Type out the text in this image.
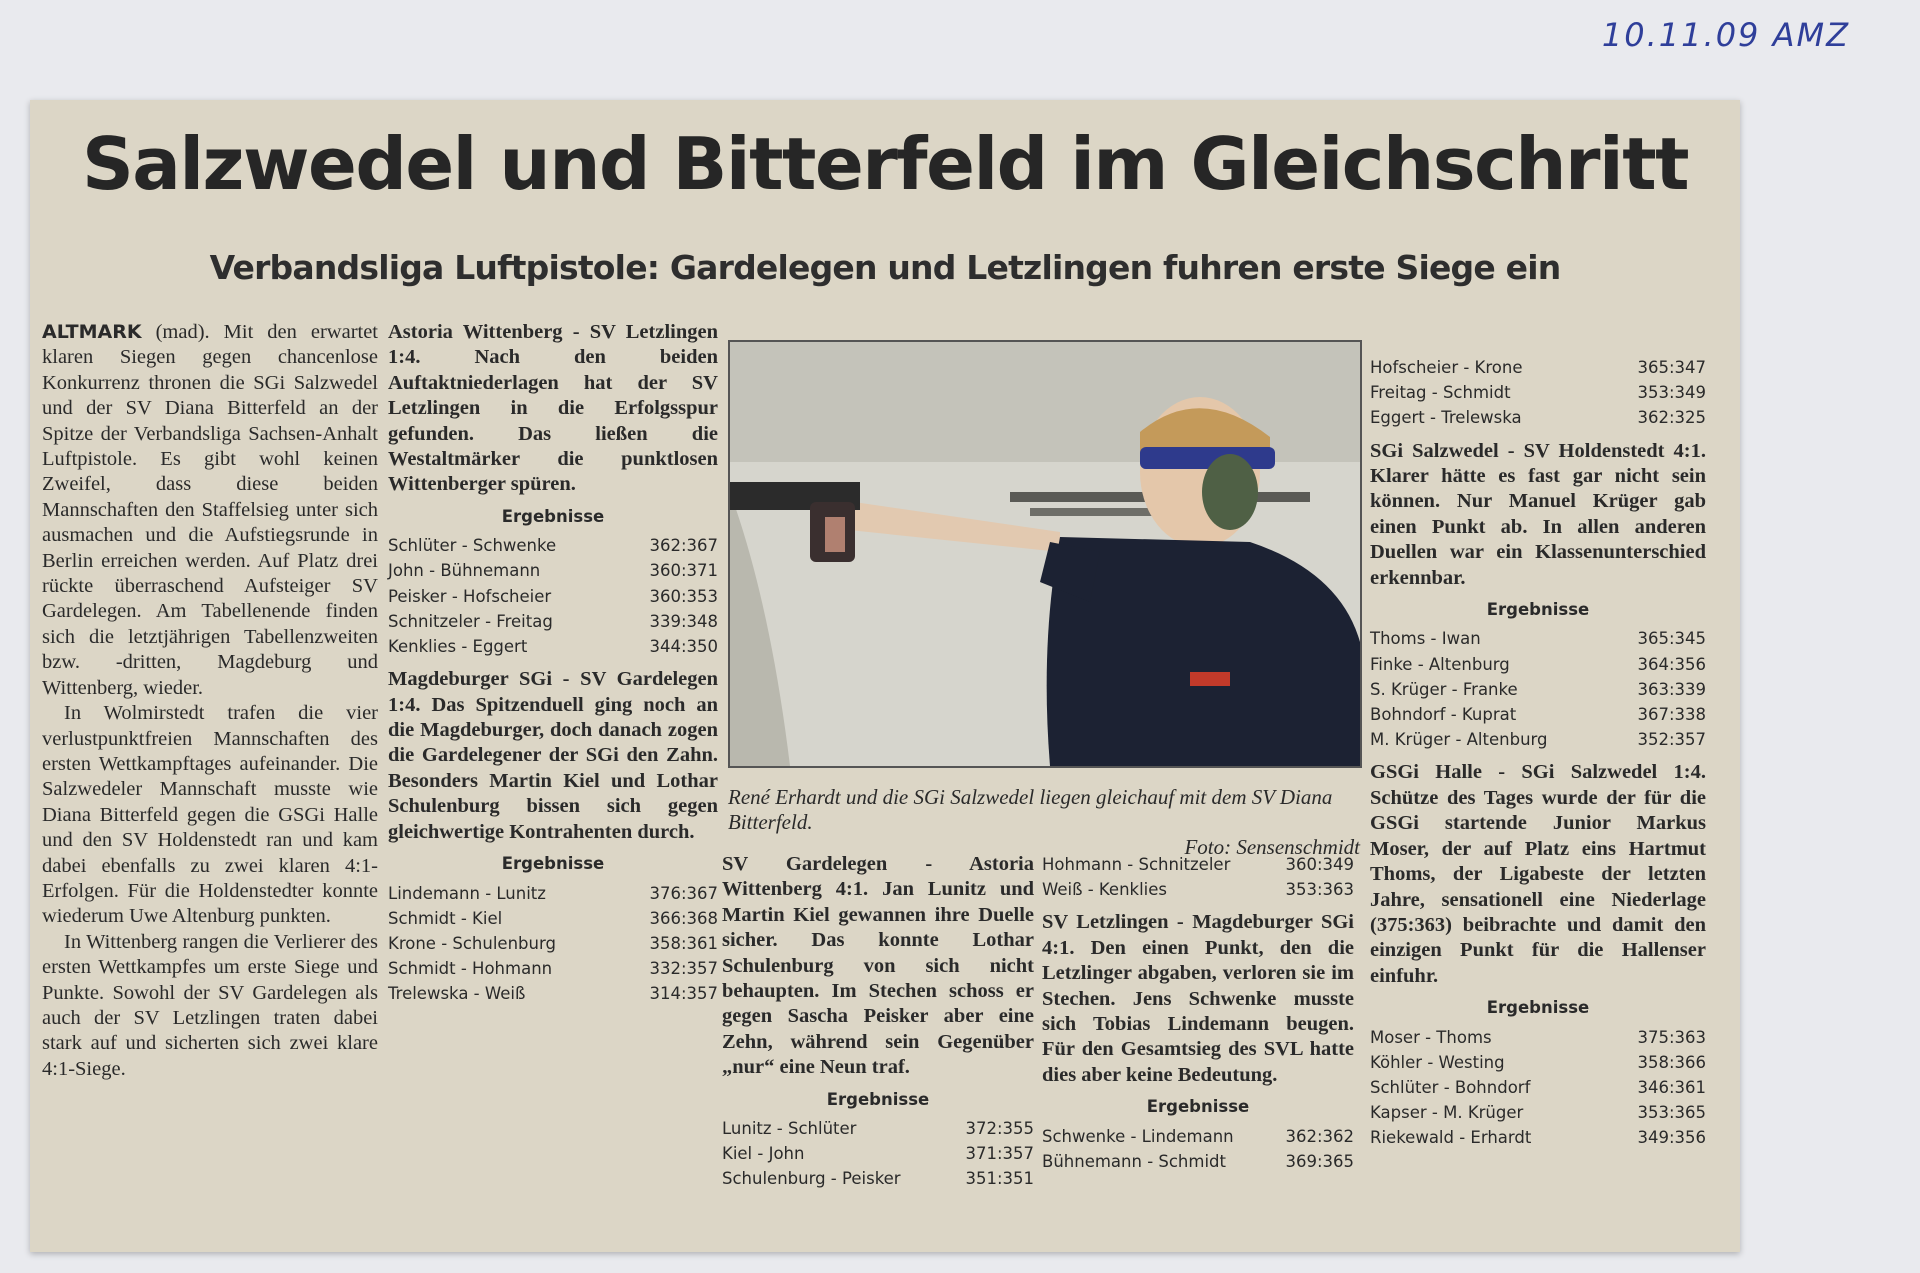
10.11.09 AMZ
Salzwedel und Bitterfeld im Gleichschritt
Verbandsliga Luftpistole: Gardelegen und Letzlingen fuhren erste Siege ein

ALTMARK (mad). Mit den erwartet klaren Siegen gegen chancenlose Konkurrenz thronen die SGi Salzwedel und der SV Diana Bitterfeld an der Spitze der Verbandsliga Sachsen-Anhalt Luftpistole. Es gibt wohl keinen Zweifel, dass diese beiden Mannschaften den Staffelsieg unter sich ausmachen und die Aufstiegsrunde in Berlin erreichen werden. Auf Platz drei rückte überraschend Aufsteiger SV Gardelegen. Am Tabellenende finden sich die letztjährigen Tabellenzweiten bzw. -dritten, Magdeburg und Wittenberg, wieder.

In Wolmirstedt trafen die vier verlustpunktfreien Mannschaften des ersten Wettkampftages aufeinander. Die Salzwedeler Mannschaft musste wie Diana Bitterfeld gegen die GSGi Halle und den SV Holdenstedt ran und kam dabei ebenfalls zu zwei klaren 4:1-Erfolgen. Für die Holdenstedter konnte wiederum Uwe Altenburg punkten.

In Wittenberg rangen die Verlierer des ersten Wettkampfes um erste Siege und Punkte. Sowohl der SV Gardelegen als auch der SV Letzlingen traten dabei stark auf und sicherten sich zwei klare 4:1-Siege.

Astoria Wittenberg - SV Letzlingen 1:4.	Nach den beiden Auftaktniederlagen hat der SV Letzlingen in die Erfolgsspur gefunden. Das ließen die Westaltmärker die punktlosen Wittenberger spüren.

Ergebnisse
Schlüter - Schwenke	362:367
John - Bühnemann	360:371
Peisker - Hofscheier	360:353
Schnitzeler - Freitag	339:348
Kenklies - Eggert	344:350

Magdeburger SGi - SV Gardelegen 1:4. Das Spitzenduell ging noch an die Magdeburger, doch danach zogen die Gardelegener der SGi den Zahn. Besonders Martin Kiel und Lothar Schulenburg bissen sich gegen gleichwertige Kontrahenten durch.

Ergebnisse
Lindemann - Lunitz	376:367
Schmidt - Kiel	366:368
Krone - Schulenburg	358:361
Schmidt - Hohmann	332:357
Trelewska - Weiß	314:357

René Erhardt und die SGi Salzwedel liegen gleichauf mit dem SV Diana Bitterfeld.
Foto: Sensenschmidt

SV Gardelegen - Astoria Wittenberg 4:1. Jan Lunitz und Martin Kiel gewannen ihre Duelle sicher. Das konnte Lothar Schulenburg von sich nicht behaupten. Im Stechen schoss er gegen Sascha Peisker aber eine Zehn, während sein Gegenüber „nur“ eine Neun traf.

Ergebnisse
Lunitz - Schlüter	372:355
Kiel - John	371:357
Schulenburg - Peisker	351:351
Hohmann - Schnitzeler	360:349
Weiß - Kenklies	353:363

SV Letzlingen - Magdeburger SGi 4:1. Den einen Punkt, den die Letzlinger abgaben, verloren sie im Stechen. Jens Schwenke musste sich Tobias Lindemann beugen. Für den Gesamtsieg des SVL hatte dies aber keine Bedeutung.

Ergebnisse
Schwenke - Lindemann	362:362
Bühnemann - Schmidt	369:365
Hofscheier - Krone	365:347
Freitag - Schmidt	353:349
Eggert - Trelewska	362:325

SGi Salzwedel - SV Holdenstedt 4:1. Klarer hätte es fast gar nicht sein können. Nur Manuel Krüger gab einen Punkt ab. In allen anderen Duellen war ein Klassenunterschied erkennbar.

Ergebnisse
Thoms - Iwan	365:345
Finke - Altenburg	364:356
S. Krüger - Franke	363:339
Bohndorf - Kuprat	367:338
M. Krüger - Altenburg	352:357

GSGi Halle - SGi Salzwedel 1:4. Schütze des Tages wurde der für die GSGi startende Junior Markus Moser, der auf Platz eins Hartmut Thoms, der Ligabeste der letzten Jahre, sensationell eine Niederlage (375:363) beibrachte und damit den einzigen Punkt für die Hallenser einfuhr.

Ergebnisse
Moser - Thoms	375:363
Köhler - Westing	358:366
Schlüter - Bohndorf	346:361
Kapser - M. Krüger	353:365
Riekewald - Erhardt	349:356
